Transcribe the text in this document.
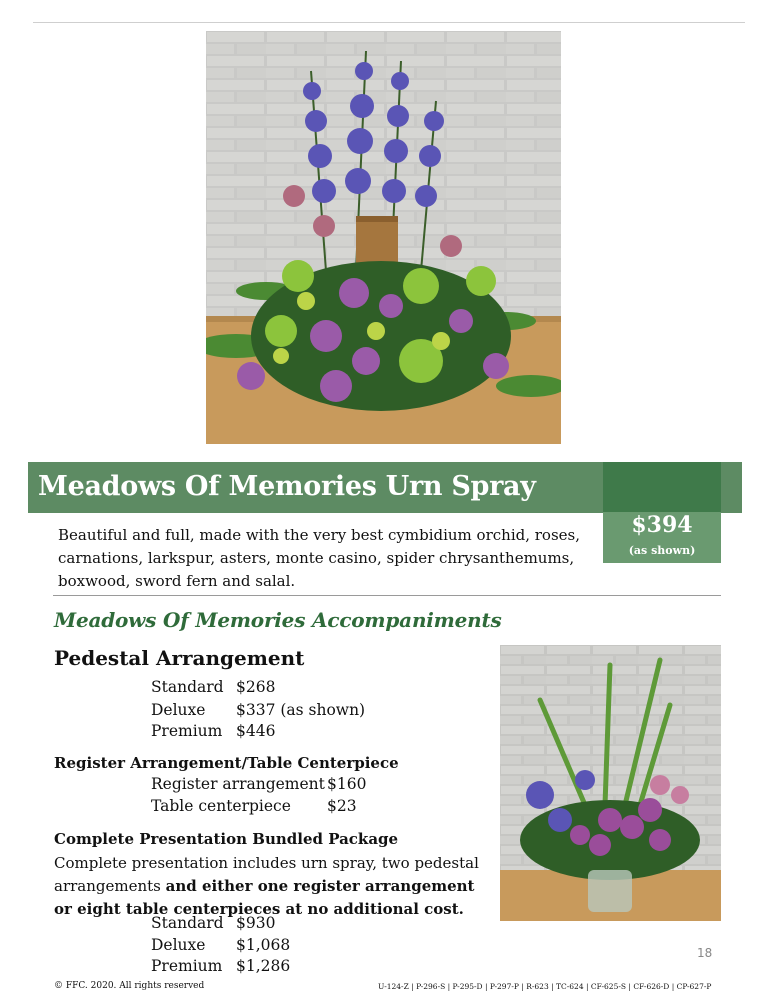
Meadows Of Memories Urn Spray
$394
(as shown)
Beautiful and full, made with the very best cymbidium orchid, roses, carnations, larkspur, asters, monte casino, spider chrysanthemums, boxwood, sword fern and salal.
Meadows Of Memories Accompaniments
Pedestal Arrangement
Standard $268
Deluxe $337 (as shown)
Premium $446
Register Arrangement/Table Centerpiece
Register arrangement $160
Table centerpiece $23
Complete Presentation Bundled Package
Complete presentation includes urn spray, two pedestal arrangements and either one register arrangement or eight table centerpieces at no additional cost.
Standard $930
Deluxe $1,068
Premium $1,286
18
© FFC. 2020. All rights reserved	U-124-Z | P-296-S | P-295-D | P-297-P | R-623 | TC-624 | CF-625-S | CF-626-D | CP-627-P
